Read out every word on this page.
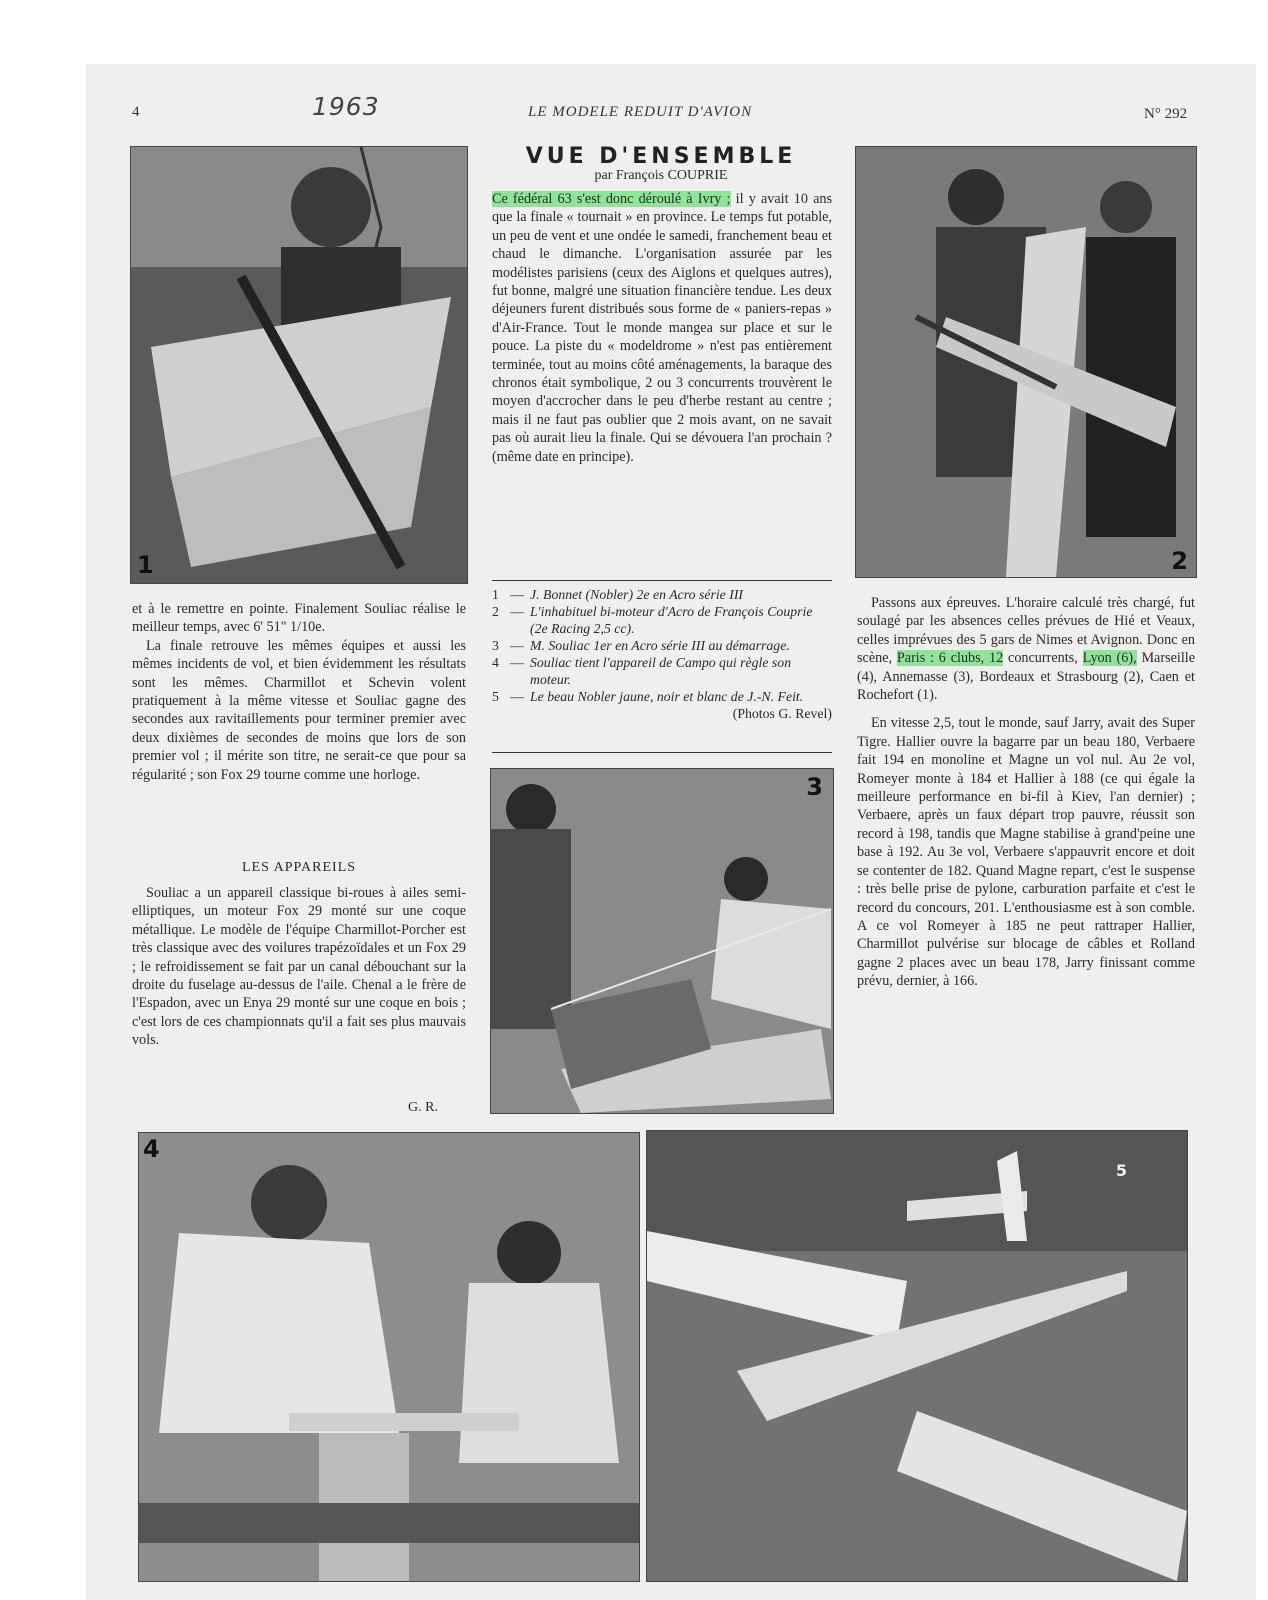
4	1963	LE MODELE REDUIT D'AVION	N° 292
1
VUE D'ENSEMBLE
par François COUPRIE

Ce fédéral 63 s'est donc déroulé à Ivry ; il y avait 10 ans que la finale « tournait » en province. Le temps fut potable, un peu de vent et une ondée le samedi, franchement beau et chaud le dimanche. L'organisation assurée par les modélistes parisiens (ceux des Aiglons et quelques autres), fut bonne, malgré une situation financière tendue. Les deux déjeuners furent distribués sous forme de « paniers-repas » d'Air-France. Tout le monde mangea sur place et sur le pouce. La piste du « modeldrome » n'est pas entièrement terminée, tout au moins côté aménagements, la baraque des chronos était symbolique, 2 ou 3 concurrents trouvèrent le moyen d'accrocher dans le peu d'herbe restant au centre ; mais il ne faut pas oublier que 2 mois avant, on ne savait pas où aurait lieu la finale. Qui se dévouera l'an prochain ? (même date en principe).

2
1 — J. Bonnet (Nobler) 2e en Acro série III
2 — L'inhabituel bi-moteur d'Acro de François Couprie (2e Racing 2,5 cc).
3 — M. Souliac 1er en Acro série III au démarrage.
4 — Souliac tient l'appareil de Campo qui règle son moteur.
5 — Le beau Nobler jaune, noir et blanc de J.-N. Feit.
(Photos G. Revel)

et à le remettre en pointe. Finalement Souliac réalise le meilleur temps, avec 6' 51" 1/10e.

La finale retrouve les mêmes équipes et aussi les mêmes incidents de vol, et bien évidemment les résultats sont les mêmes. Charmillot et Schevin volent pratiquement à la même vitesse et Souliac gagne des secondes aux ravitaillements pour terminer premier avec deux dixièmes de secondes de moins que lors de son premier vol ; il mérite son titre, ne serait-ce que pour sa régularité ; son Fox 29 tourne comme une horloge.

LES APPAREILS

Souliac a un appareil classique bi-roues à ailes semi-elliptiques, un moteur Fox 29 monté sur une coque métallique. Le modèle de l'équipe Charmillot-Porcher est très classique avec des voilures trapézoïdales et un Fox 29 ; le refroidissement se fait par un canal débouchant sur la droite du fuselage au-dessus de l'aile. Chenal a le frère de l'Espadon, avec un Enya 29 monté sur une coque en bois ; c'est lors de ces championnats qu'il a fait ses plus mauvais vols.

G. R.
3

Passons aux épreuves. L'horaire calculé très chargé, fut soulagé par les absences celles prévues de Hié et Veaux, celles imprévues des 5 gars de Nimes et Avignon. Donc en scène, Paris : 6 clubs, 12 concurrents, Lyon (6), Marseille (4), Annemasse (3), Bordeaux et Strasbourg (2), Caen et Rochefort (1).

En vitesse 2,5, tout le monde, sauf Jarry, avait des Super Tigre. Hallier ouvre la bagarre par un beau 180, Verbaere fait 194 en monoline et Magne un vol nul. Au 2e vol, Romeyer monte à 184 et Hallier à 188 (ce qui égale la meilleure performance en bi-fil à Kiev, l'an dernier) ; Verbaere, après un faux départ trop pauvre, réussit son record à 198, tandis que Magne stabilise à grand'peine une base à 192. Au 3e vol, Verbaere s'appauvrit encore et doit se contenter de 182. Quand Magne repart, c'est le suspense : très belle prise de pylone, carburation parfaite et c'est le record du concours, 201. L'enthousiasme est à son comble. A ce vol Romeyer à 185 ne peut rattraper Hallier, Charmillot pulvérise sur blocage de câbles et Rolland gagne 2 places avec un beau 178, Jarry finissant comme prévu, dernier, à 166.

4
5
